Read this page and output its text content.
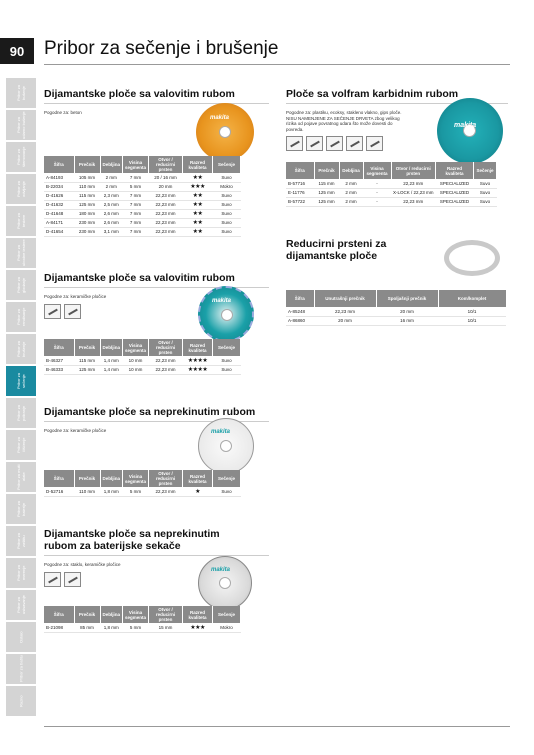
90	Pribor za sečenje i brušenje
Pribor za bušenje
Pribor za udarno bušenje
Pribor za štemovanje
Pribor za odvijanje
Pribor za testere
Pribor za ubodne testere
Pribor za glodanje
Pribor za rendisanje
Pribor za brušenje
Pribor za sečenje
Pribor za poliranje
Pribor za čišćenje
Pribor za multi alate
Pribor za baterije
Pribor za zaštitu
Pribor za merenje
Pribor za usisavanje
Ostalo
Pribor za baštu
Razno
Dijamantske ploče sa valovitim rubom
Pogodne za: beton
makita
Šifra	Prečnik	Debljina	Visina segmenta	Otvor / reducirni prsten	Razred kvaliteta	Sečenje
A-84193	105 mm	2 mm	7 mm	20 / 16 mm	★★	Suvo
B-22034	110 mm	2 mm	5 mm	20 mm	★★★	Mokro
D-41626	115 mm	2,3 mm	7 mm	22,23 mm	★★	Suvo
D-41632	125 mm	2,5 mm	7 mm	22,23 mm	★★	Suvo
D-41648	180 mm	2,6 mm	7 mm	22,23 mm	★★	Suvo
A-84171	230 mm	2,6 mm	7 mm	22,23 mm	★★	Suvo
D-41654	230 mm	3,1 mm	7 mm	22,23 mm	★★	Suvo
Dijamantske ploče sa valovitim rubom
Pogodne za: keramičke pločice
makita
Šifra	Prečnik	Debljina	Visina segmenta	Otvor / reducirni prsten	Razred kvaliteta	Sečenje
B-46327	115 mm	1,4 mm	10 mm	22,23 mm	★★★★	Suvo
B-46333	125 mm	1,4 mm	10 mm	22,23 mm	★★★★	Suvo
Dijamantske ploče sa neprekinutim rubom
Pogodne za: keramičke pločice	makita
Šifra	Prečnik	Debljina	Visina segmenta	Otvor / reducirni prsten	Razred kvaliteta	Sečenje
D-52716	110 mm	1,8 mm	5 mm	22,23 mm	★	Suvo
Dijamantske ploče sa neprekinutim
rubom za baterijske sekače
Pogodne za: staklo, keramičke pločice
makita
Šifra	Prečnik	Debljina	Visina segmenta	Otvor / reducirni prsten	Razred kvaliteta	Sečenje
B-21098	85 mm	1,8 mm	5 mm	15 mm	★★★	Mokro
Ploče sa volfram karbidnim rubom
Pogodne za: plastiku, ecoksy, stakleno vlakno, gips ploče. NISU NAMENJENE ZA SEČENJE DRVETA zbog velikog rizika od pojave povratnog udara što može dovesti do povreda.	makita
Šifra	Prečnik	Debljina	Visina segmenta	Otvor / reducirni prsten	Razred kvaliteta	Sečenje
B-57716	115 mm	2 mm	-	22,23 mm	SPECIALIZED	Suvo
E-11776	125 mm	2 mm	-	X-LOCK / 22,23 mm	SPECIALIZED	Suvo
B-57722	125 mm	2 mm	-	22,23 mm	SPECIALIZED	Suvo
Reducirni prsteni za
dijamantske ploče
Šifra	Unutrašnji prečnik	Spoljašnji prečnik	Kom/komplet
A-85248	22,23 mm	20 mm	10/1
A-86860	20 mm	16 mm	10/1
